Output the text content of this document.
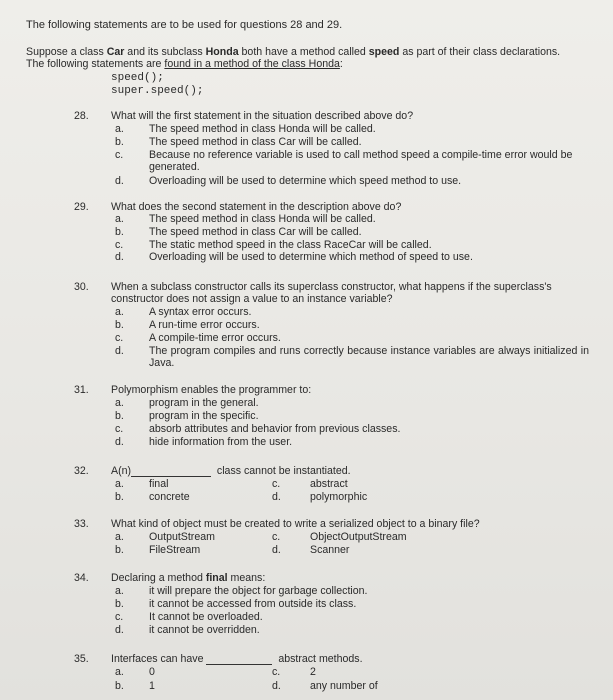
The following statements are to be used for questions 28 and 29.
Suppose a class Car and its subclass Honda both have a method called speed as part of their class declarations.
The following statements are found in a method of the class Honda:
speed();
super.speed();
28. What will the first statement in the situation described above do?
a. The speed method in class Honda will be called.
b. The speed method in class Car will be called.
c. Because no reference variable is used to call method speed a compile-time error would be generated.
d. Overloading will be used to determine which speed method to use.
29. What does the second statement in the description above do?
a. The speed method in class Honda will be called.
b. The speed method in class Car will be called.
c. The static method speed in the class RaceCar will be called.
d. Overloading will be used to determine which method of speed to use.
30. When a subclass constructor calls its superclass constructor, what happens if the superclass's constructor does not assign a value to an instance variable?
a. A syntax error occurs.
b. A run-time error occurs.
c. A compile-time error occurs.
d. The program compiles and runs correctly because instance variables are always initialized in Java.
31. Polymorphism enables the programmer to:
a. program in the general.
b. program in the specific.
c. absorb attributes and behavior from previous classes.
d. hide information from the user.
32. A(n)	class cannot be instantiated.
a. final
b. concrete
c.	abstract
d.	polymorphic
33. What kind of object must be created to write a serialized object to a binary file?
a. OutputStream
b. FileStream
c.	ObjectOutputStream
d.	Scanner
34. Declaring a method final means:
a. it will prepare the object for garbage collection.
b. it cannot be accessed from outside its class.
c. It cannot be overloaded.
d. it cannot be overridden.
35. Interfaces can have	abstract methods.
a. 0
b. 1
c.	2
d.	any number of
